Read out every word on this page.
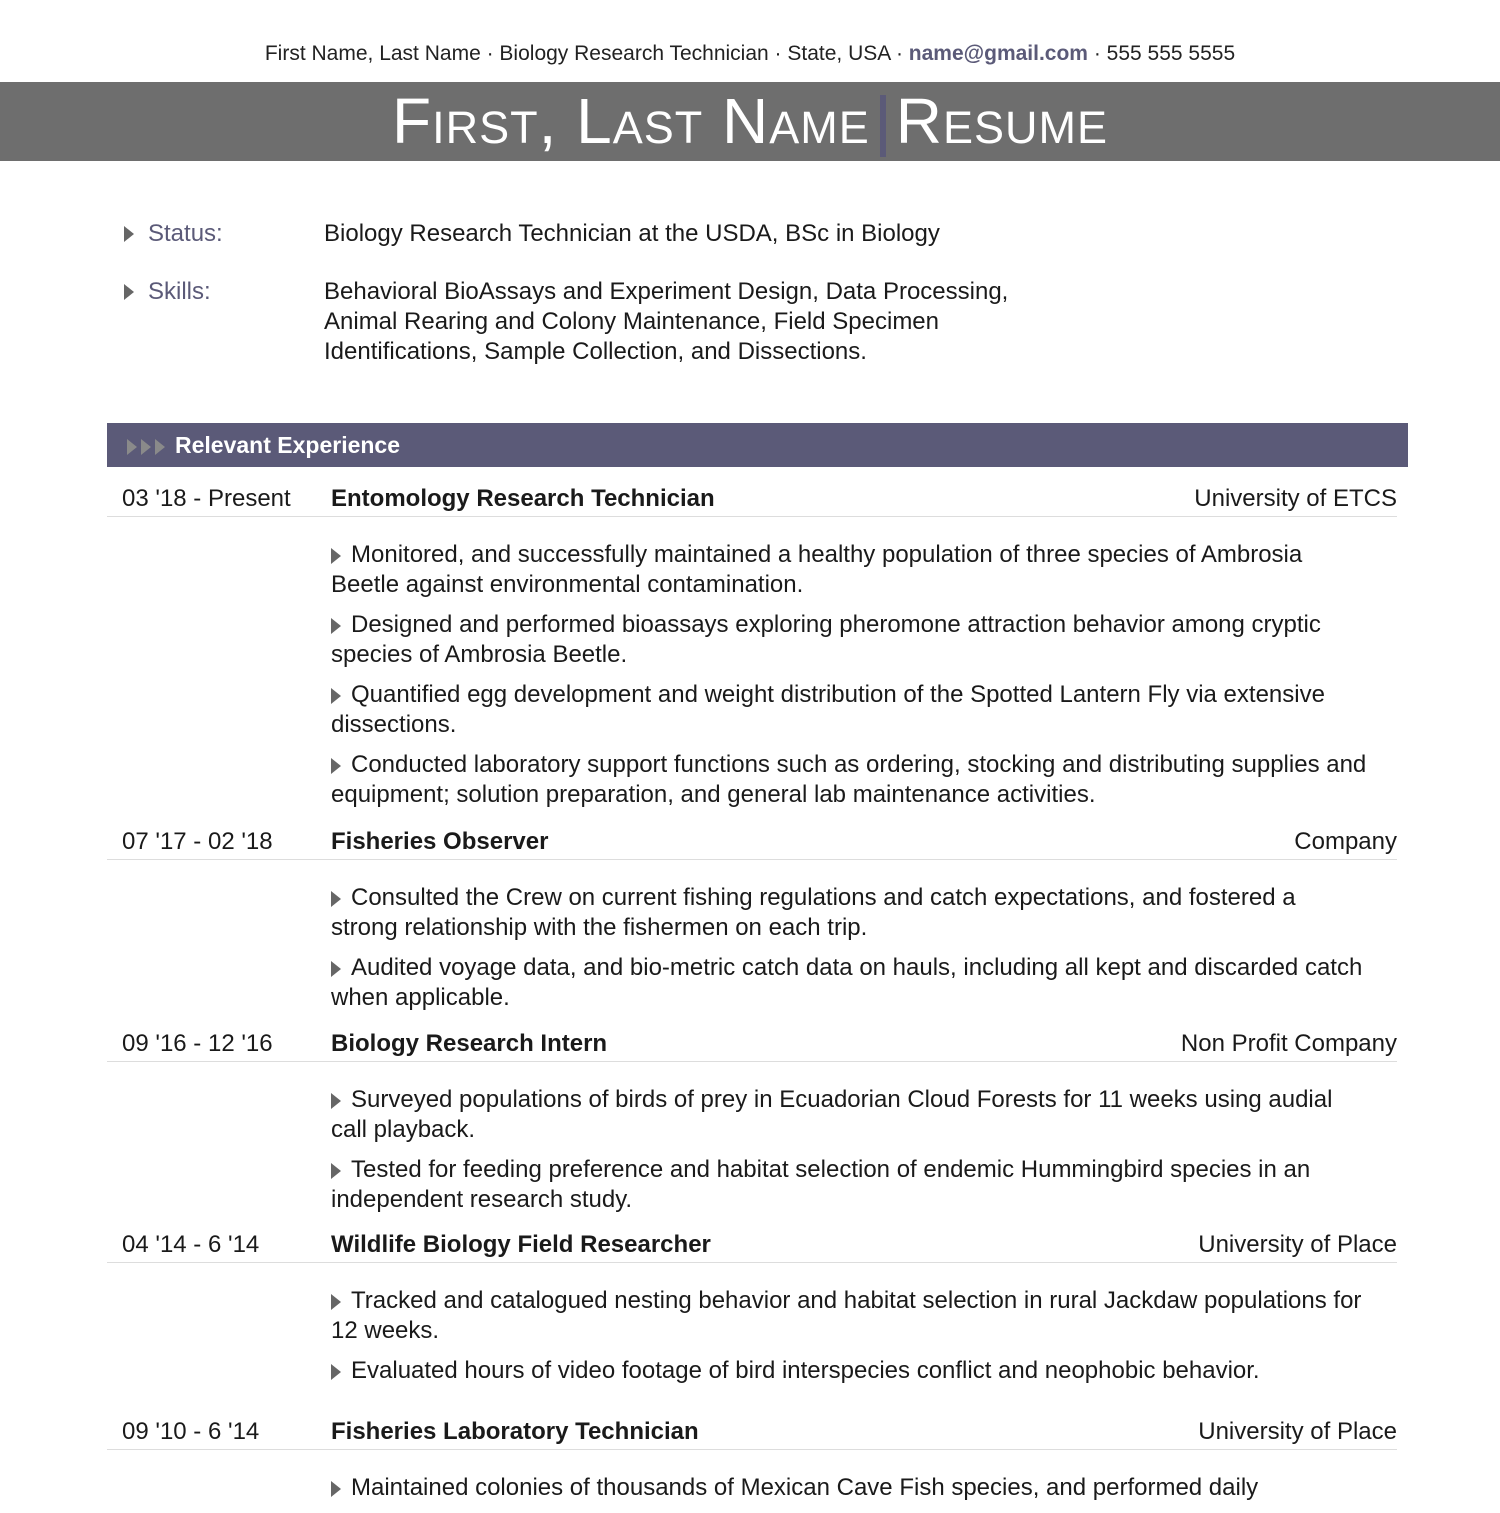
First Name, Last Name · Biology Research Technician · State, USA · name@gmail.com · 555 555 5555
First, Last Name Resume
Status:	Biology Research Technician at the USDA, BSc in Biology
Skills:	Behavioral BioAssays and Experiment Design, Data Processing, Animal Rearing and Colony Maintenance, Field Specimen Identifications, Sample Collection, and Dissections.
Relevant Experience
03 '18 - Present Entomology Research Technician	University of ETCS
Monitored, and successfully maintained a healthy population of three species of Ambrosia Beetle against environmental contamination.
Designed and performed bioassays exploring pheromone attraction behavior among cryptic species of Ambrosia Beetle.
Quantified egg development and weight distribution of the Spotted Lantern Fly via extensive dissections.
Conducted laboratory support functions such as ordering, stocking and distributing supplies and equipment; solution preparation, and general lab maintenance activities.
07 '17 - 02 '18 Fisheries Observer	Company
Consulted the Crew on current fishing regulations and catch expectations, and fostered a strong relationship with the fishermen on each trip.
Audited voyage data, and bio-metric catch data on hauls, including all kept and discarded catch when applicable.
09 '16 - 12 '16 Biology Research Intern	Non Profit Company
Surveyed populations of birds of prey in Ecuadorian Cloud Forests for 11 weeks using audial call playback.
Tested for feeding preference and habitat selection of endemic Hummingbird species in an independent research study.
04 '14 - 6 '14	Wildlife Biology Field Researcher	University of Place
Tracked and catalogued nesting behavior and habitat selection in rural Jackdaw populations for 12 weeks.
Evaluated hours of video footage of bird interspecies conflict and neophobic behavior.
09 '10 - 6 '14	Fisheries Laboratory Technician	University of Place
Maintained colonies of thousands of Mexican Cave Fish species, and performed daily
